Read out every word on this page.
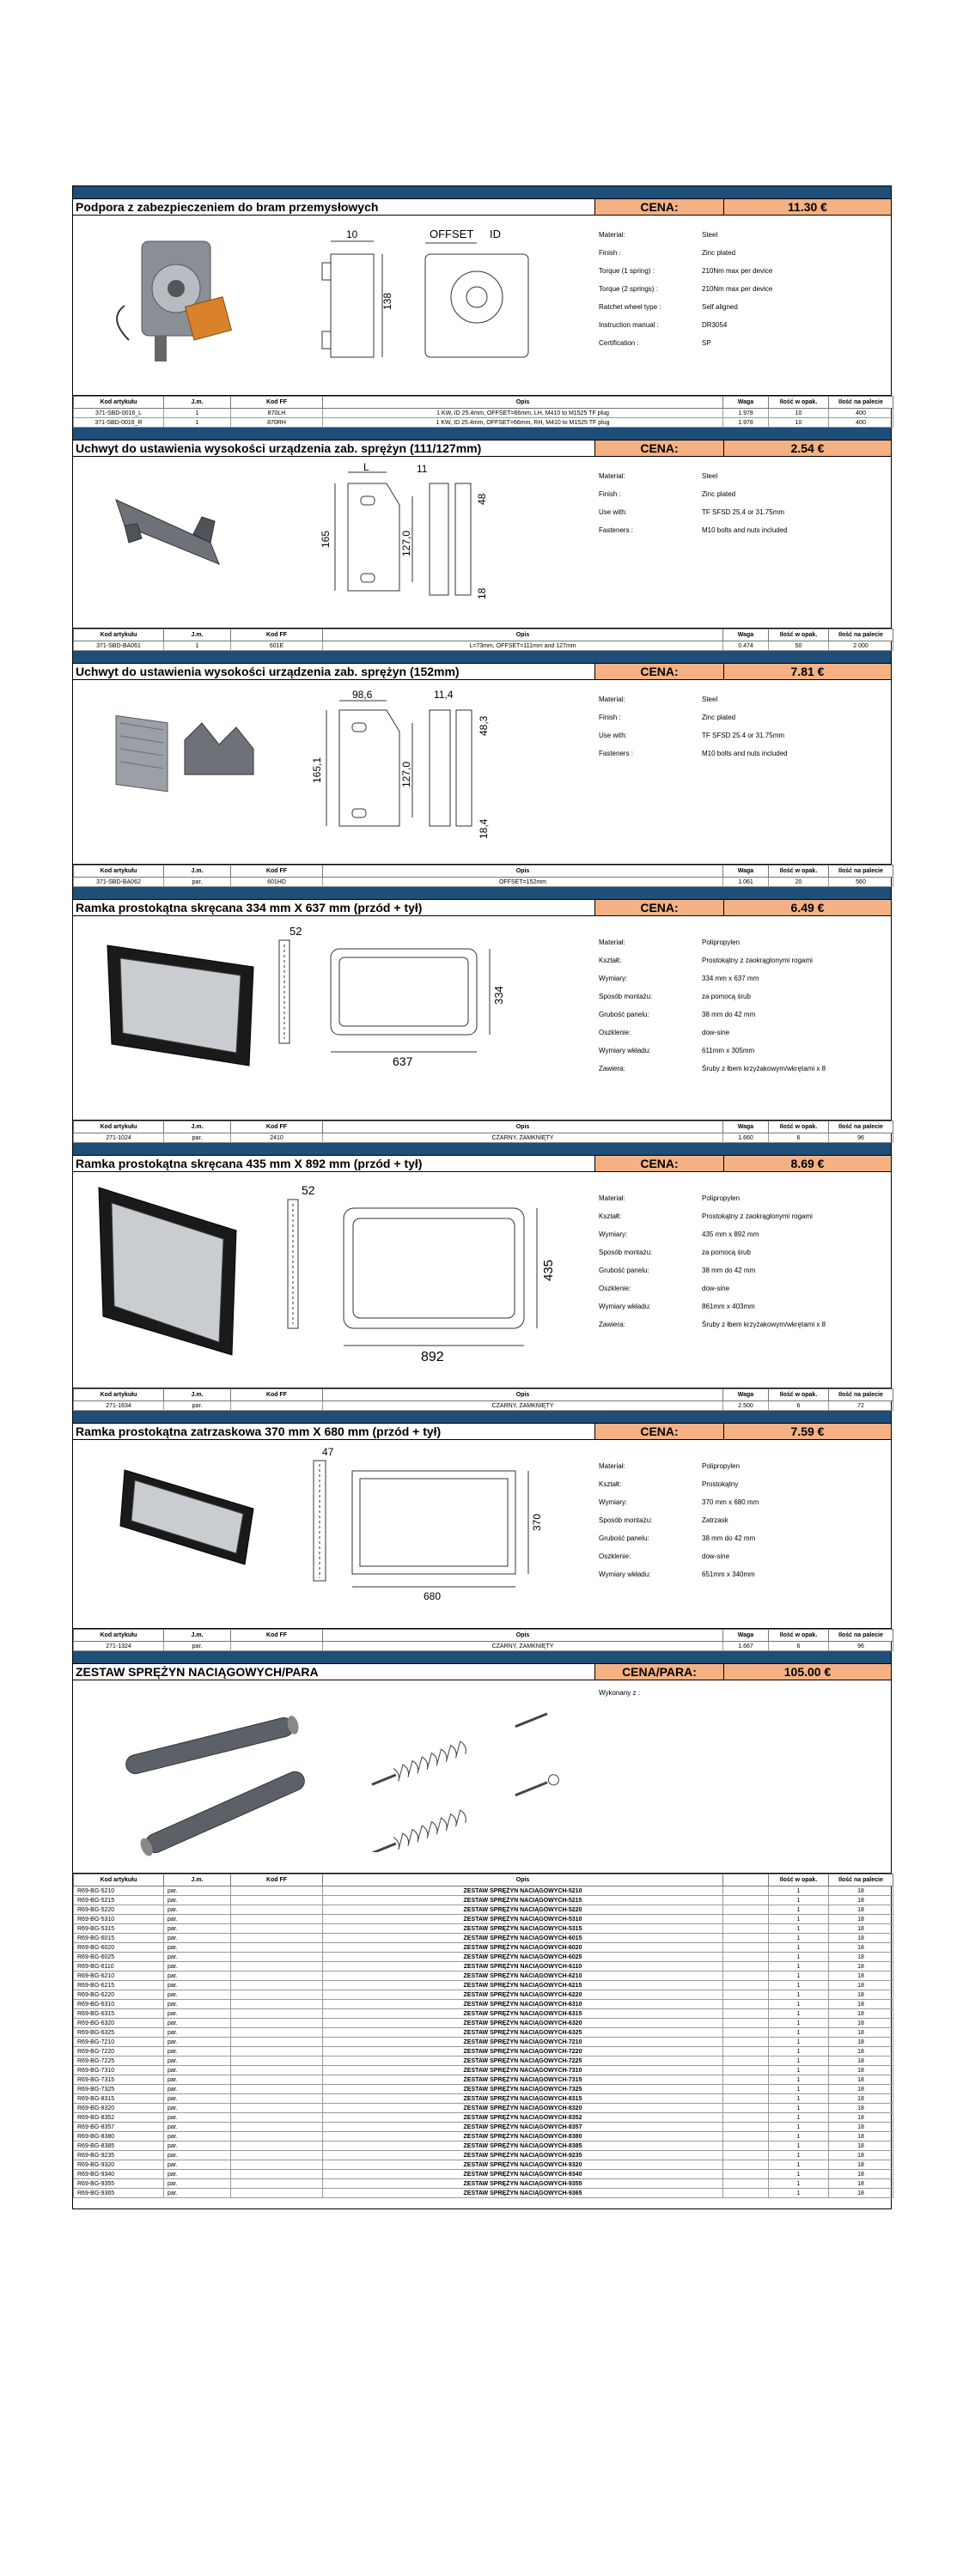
Podpora z zabezpieczeniem do bram przemysłowych	CENA:	11.30 €
10	OFFSET ID
138
Material:	Steel
Finish :	Zinc plated
Torque (1 spring) :	210Nm max per device
Torque (2 springs) :	210Nm max per device
Ratchet wheel type :	Self aligned
Instruction manual :	DR3054
Certification :	SP
Kod artykułu	J.m.	Kod FF	Opis	Waga	Ilość w opak.	Ilość na palecie
371-SBD-0016_L	1	870LH	1 KW, ID 25.4mm, OFFSET=66mm, LH, M410 to M1525 TF plug	1.978	10	400
371-SBD-0016_R	1	870RH	1 KW, ID 25.4mm, OFFSET=66mm, RH, M410 to M1525 TF plug	1.978	10	400
Uchwyt do ustawienia wysokości urządzenia zab. sprężyn (111/127mm)	CENA:	2.54 €
L	11
48
165	127,0
18
Material:	Steel
Finish :	Zinc plated
Use with:	TF SFSD 25.4 or 31.75mm
Fasteners :	M10 bolts and nuts included
Kod artykułu	J.m.	Kod FF	Opis	Waga	Ilość w opak.	Ilość na palecie
371-SBD-BA061	1	601E	L=73mm, OFFSET=111mm and 127mm	0.474	50	2 000
Uchwyt do ustawienia wysokości urządzenia zab. sprężyn (152mm)	CENA:	7.81 €
98,6	11,4
48,3
165,1	127,0
18,4
Material:	Steel
Finish :	Zinc plated
Use with:	TF SFSD 25.4 or 31.75mm
Fasteners :	M10 bolts and nuts included
Kod artykułu	J.m.	Kod FF	Opis	Waga	Ilość w opak.	Ilość na palecie
371-SBD-BA062	par.	601HD	OFFSET=152mm	1.061	20	560
Ramka prostokątna skręcana 334 mm X 637 mm (przód + tył)	CENA:	6.49 €
52
334
637
Materiał:	Polipropylen
Kształt:	Prostokątny z zaokrąglonymi rogami
Wymiary:	334 mm x 637 mm
Sposób montażu:	za pomocą śrub
Grubość panelu:	38 mm do 42 mm
Oszklenie:	dow-sine
Wymiary wkładu:	611mm x 305mm
Zawiera:	Śruby z łbem krzyżakowym/wkrętami x 8
Kod artykułu	J.m.	Kod FF	Opis	Waga	Ilość w opak.	Ilość na palecie
271-1024	par.	2410	CZARNY, ZAMKNIĘTY	1.660	6	96
Ramka prostokątna skręcana 435 mm X 892 mm (przód + tył)	CENA:	8.69 €
52
435
892
Materiał:	Polipropylen
Kształt:	Prostokątny z zaokrąglonymi rogami
Wymiary:	435 mm x 892 mm
Sposób montażu:	za pomocą śrub
Grubość panelu:	38 mm do 42 mm
Oszklenie:	dow-sine
Wymiary wkładu:	861mm x 403mm
Zawiera:	Śruby z łbem krzyżakowym/wkrętami x 8
Kod artykułu	J.m.	Kod FF	Opis	Waga	Ilość w opak.	Ilość na palecie
271-1634	par.		CZARNY, ZAMKNIĘTY	2.500	6	72
Ramka prostokątna zatrzaskowa 370 mm X 680 mm (przód + tył)	CENA:	7.59 €
47
370
680
Materiał:	Polipropylen
Kształt:	Prostokątny
Wymiary:	370 mm x 680 mm
Sposób montażu:	Zatrzask
Grubość panelu:	38 mm do 42 mm
Oszklenie:	dow-sine
Wymiary wkładu:	651mm x 340mm
Kod artykułu	J.m.	Kod FF	Opis	Waga	Ilość w opak.	Ilość na palecie
271-1324	par.		CZARNY, ZAMKNIĘTY	1.667	6	96
ZESTAW SPRĘŻYN NACIĄGOWYCH/PARA	CENA/PARA:	105.00 €
Wykonany z :
Kod artykułu	J.m.	Kod FF	Opis		Ilość w opak.	Ilość na palecie
R69-BG-5210	par.		ZESTAW SPRĘŻYN NACIĄGOWYCH-5210		1	18
R69-BG-5215	par.		ZESTAW SPRĘŻYN NACIĄGOWYCH-5215		1	18
R69-BG-5220	par.		ZESTAW SPRĘŻYN NACIĄGOWYCH-5220		1	18
R69-BG-5310	par.		ZESTAW SPRĘŻYN NACIĄGOWYCH-5310		1	18
R69-BG-5315	par.		ZESTAW SPRĘŻYN NACIĄGOWYCH-5315		1	18
R69-BG-6015	par.		ZESTAW SPRĘŻYN NACIĄGOWYCH-6015		1	18
R69-BG-6020	par.		ZESTAW SPRĘŻYN NACIĄGOWYCH-6020		1	18
R69-BG-6025	par.		ZESTAW SPRĘŻYN NACIĄGOWYCH-6025		1	18
R69-BG-6110	par.		ZESTAW SPRĘŻYN NACIĄGOWYCH-6110		1	18
R69-BG-6210	par.		ZESTAW SPRĘŻYN NACIĄGOWYCH-6210		1	18
R69-BG-6215	par.		ZESTAW SPRĘŻYN NACIĄGOWYCH-6215		1	18
R69-BG-6220	par.		ZESTAW SPRĘŻYN NACIĄGOWYCH-6220		1	18
R69-BG-6310	par.		ZESTAW SPRĘŻYN NACIĄGOWYCH-6310		1	18
R69-BG-6315	par.		ZESTAW SPRĘŻYN NACIĄGOWYCH-6315		1	18
R69-BG-6320	par.		ZESTAW SPRĘŻYN NACIĄGOWYCH-6320		1	18
R69-BG-6325	par.		ZESTAW SPRĘŻYN NACIĄGOWYCH-6325		1	18
R69-BG-7210	par.		ZESTAW SPRĘŻYN NACIĄGOWYCH-7210		1	18
R69-BG-7220	par.		ZESTAW SPRĘŻYN NACIĄGOWYCH-7220		1	18
R69-BG-7225	par.		ZESTAW SPRĘŻYN NACIĄGOWYCH-7225		1	18
R69-BG-7310	par.		ZESTAW SPRĘŻYN NACIĄGOWYCH-7310		1	18
R69-BG-7315	par.		ZESTAW SPRĘŻYN NACIĄGOWYCH-7315		1	18
R69-BG-7325	par.		ZESTAW SPRĘŻYN NACIĄGOWYCH-7325		1	18
R69-BG-8315	par.		ZESTAW SPRĘŻYN NACIĄGOWYCH-8315		1	18
R69-BG-8320	par.		ZESTAW SPRĘŻYN NACIĄGOWYCH-8320		1	18
R69-BG-8352	par.		ZESTAW SPRĘŻYN NACIĄGOWYCH-8352		1	18
R69-BG-8357	par.		ZESTAW SPRĘŻYN NACIĄGOWYCH-8357		1	18
R69-BG-8380	par.		ZESTAW SPRĘŻYN NACIĄGOWYCH-8380		1	18
R69-BG-8385	par.		ZESTAW SPRĘŻYN NACIĄGOWYCH-8385		1	18
R69-BG-9235	par.		ZESTAW SPRĘŻYN NACIĄGOWYCH-9235		1	18
R69-BG-9320	par.		ZESTAW SPRĘŻYN NACIĄGOWYCH-9320		1	18
R69-BG-9340	par.		ZESTAW SPRĘŻYN NACIĄGOWYCH-9340		1	18
R69-BG-9355	par.		ZESTAW SPRĘŻYN NACIĄGOWYCH-9355		1	18
R69-BG-9365	par.		ZESTAW SPRĘŻYN NACIĄGOWYCH-9365		1	18
